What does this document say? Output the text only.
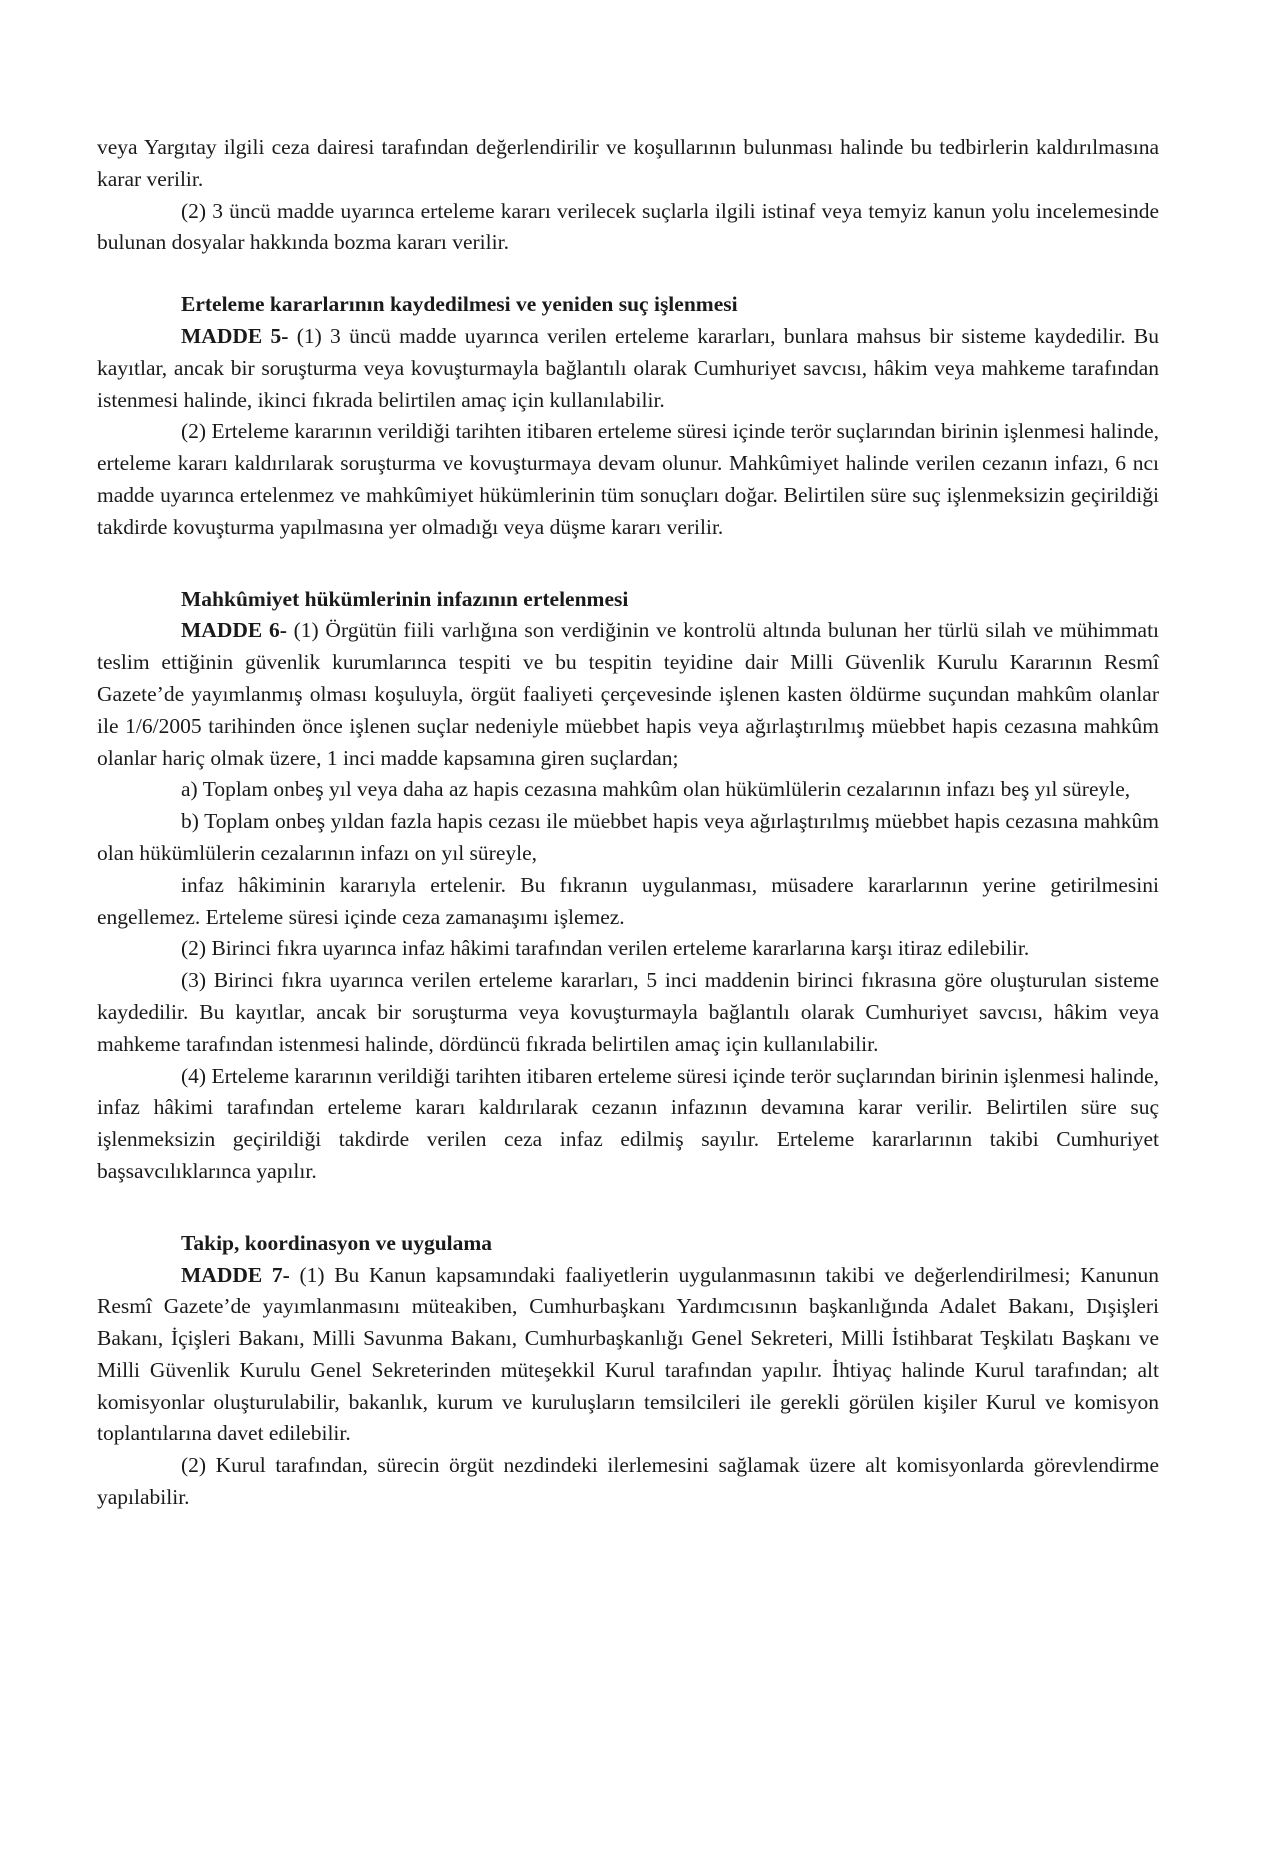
veya Yargıtay ilgili ceza dairesi tarafından değerlendirilir ve koşullarının bulunması halinde bu tedbirlerin kaldırılmasına karar verilir.

(2) 3 üncü madde uyarınca erteleme kararı verilecek suçlarla ilgili istinaf veya temyiz kanun yolu incelemesinde bulunan dosyalar hakkında bozma kararı verilir.

Erteleme kararlarının kaydedilmesi ve yeniden suç işlenmesi

MADDE 5- (1) 3 üncü madde uyarınca verilen erteleme kararları, bunlara mahsus bir sisteme kaydedilir. Bu kayıtlar, ancak bir soruşturma veya kovuşturmayla bağlantılı olarak Cumhuriyet savcısı, hâkim veya mahkeme tarafından istenmesi halinde, ikinci fıkrada belirtilen amaç için kullanılabilir.

(2) Erteleme kararının verildiği tarihten itibaren erteleme süresi içinde terör suçlarından birinin işlenmesi halinde, erteleme kararı kaldırılarak soruşturma ve kovuşturmaya devam olunur. Mahkûmiyet halinde verilen cezanın infazı, 6 ncı madde uyarınca ertelenmez ve mahkûmiyet hükümlerinin tüm sonuçları doğar. Belirtilen süre suç işlenmeksizin geçirildiği takdirde kovuşturma yapılmasına yer olmadığı veya düşme kararı verilir.

Mahkûmiyet hükümlerinin infazının ertelenmesi

MADDE 6- (1) Örgütün fiili varlığına son verdiğinin ve kontrolü altında bulunan her türlü silah ve mühimmatı teslim ettiğinin güvenlik kurumlarınca tespiti ve bu tespitin teyidine dair Milli Güvenlik Kurulu Kararının Resmî Gazete’de yayımlanmış olması koşuluyla, örgüt faaliyeti çerçevesinde işlenen kasten öldürme suçundan mahkûm olanlar ile 1/6/2005 tarihinden önce işlenen suçlar nedeniyle müebbet hapis veya ağırlaştırılmış müebbet hapis cezasına mahkûm olanlar hariç olmak üzere, 1 inci madde kapsamına giren suçlardan;

a) Toplam onbeş yıl veya daha az hapis cezasına mahkûm olan hükümlülerin cezalarının infazı beş yıl süreyle,

b) Toplam onbeş yıldan fazla hapis cezası ile müebbet hapis veya ağırlaştırılmış müebbet hapis cezasına mahkûm olan hükümlülerin cezalarının infazı on yıl süreyle,

infaz hâkiminin kararıyla ertelenir. Bu fıkranın uygulanması, müsadere kararlarının yerine getirilmesini engellemez. Erteleme süresi içinde ceza zamanaşımı işlemez.

(2) Birinci fıkra uyarınca infaz hâkimi tarafından verilen erteleme kararlarına karşı itiraz edilebilir.

(3) Birinci fıkra uyarınca verilen erteleme kararları, 5 inci maddenin birinci fıkrasına göre oluşturulan sisteme kaydedilir. Bu kayıtlar, ancak bir soruşturma veya kovuşturmayla bağlantılı olarak Cumhuriyet savcısı, hâkim veya mahkeme tarafından istenmesi halinde, dördüncü fıkrada belirtilen amaç için kullanılabilir.

(4) Erteleme kararının verildiği tarihten itibaren erteleme süresi içinde terör suçlarından birinin işlenmesi halinde, infaz hâkimi tarafından erteleme kararı kaldırılarak cezanın infazının devamına karar verilir. Belirtilen süre suç işlenmeksizin geçirildiği takdirde verilen ceza infaz edilmiş sayılır. Erteleme kararlarının takibi Cumhuriyet başsavcılıklarınca yapılır.

Takip, koordinasyon ve uygulama

MADDE 7- (1) Bu Kanun kapsamındaki faaliyetlerin uygulanmasının takibi ve değerlendirilmesi; Kanunun Resmî Gazete’de yayımlanmasını müteakiben, Cumhurbaşkanı Yardımcısının başkanlığında Adalet Bakanı, Dışişleri Bakanı, İçişleri Bakanı, Milli Savunma Bakanı, Cumhurbaşkanlığı Genel Sekreteri, Milli İstihbarat Teşkilatı Başkanı ve Milli Güvenlik Kurulu Genel Sekreterinden müteşekkil Kurul tarafından yapılır. İhtiyaç halinde Kurul tarafından; alt komisyonlar oluşturulabilir, bakanlık, kurum ve kuruluşların temsilcileri ile gerekli görülen kişiler Kurul ve komisyon toplantılarına davet edilebilir.

(2) Kurul tarafından, sürecin örgüt nezdindeki ilerlemesini sağlamak üzere alt komisyonlarda görevlendirme yapılabilir.
